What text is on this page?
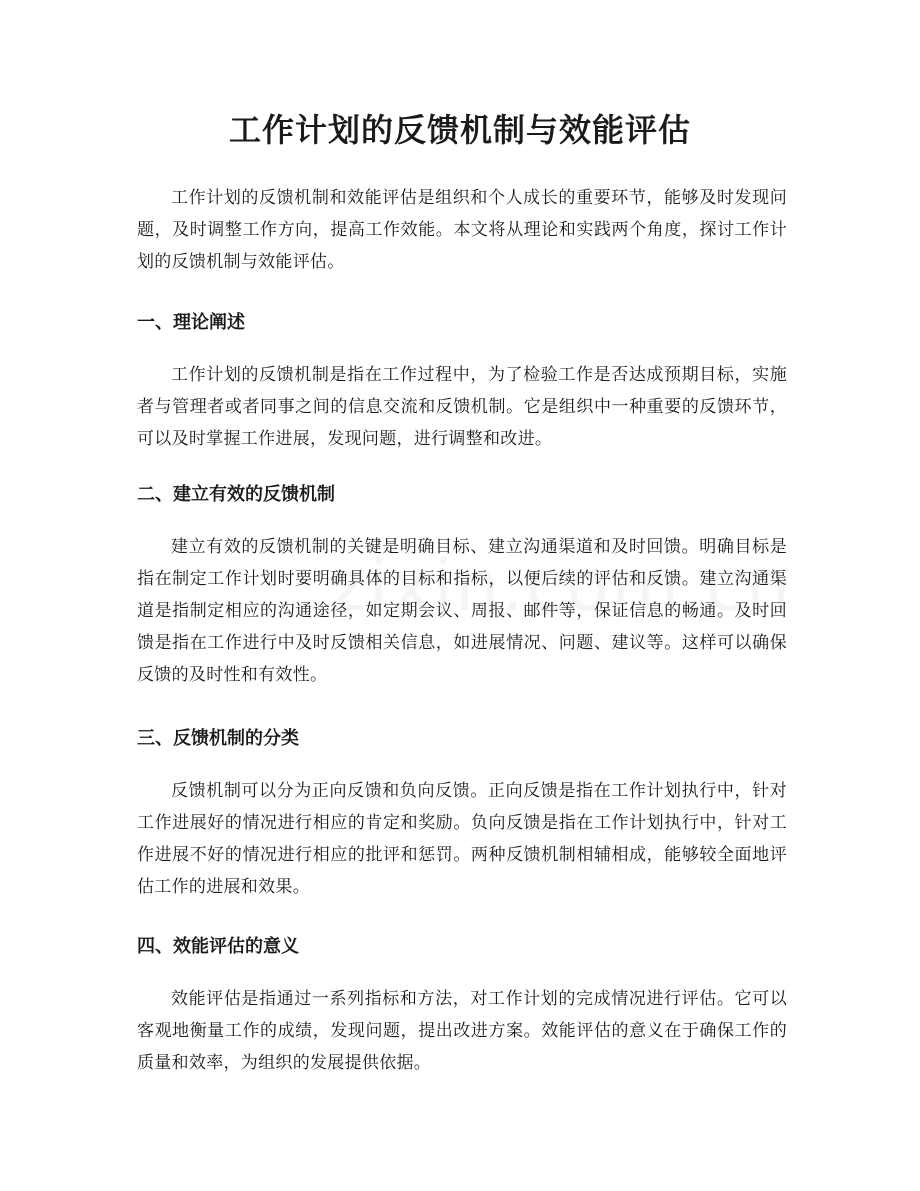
工作计划的反馈机制与效能评估

工作计划的反馈机制和效能评估是组织和个人成长的重要环节，能够及时发现问题，及时调整工作方向，提高工作效能。本文将从理论和实践两个角度，探讨工作计划的反馈机制与效能评估。

一、理论阐述

工作计划的反馈机制是指在工作过程中，为了检验工作是否达成预期目标，实施者与管理者或者同事之间的信息交流和反馈机制。它是组织中一种重要的反馈环节，可以及时掌握工作进展，发现问题，进行调整和改进。

二、建立有效的反馈机制

建立有效的反馈机制的关键是明确目标、建立沟通渠道和及时回馈。明确目标是指在制定工作计划时要明确具体的目标和指标，以便后续的评估和反馈。建立沟通渠道是指制定相应的沟通途径，如定期会议、周报、邮件等，保证信息的畅通。及时回馈是指在工作进行中及时反馈相关信息，如进展情况、问题、建议等。这样可以确保反馈的及时性和有效性。

三、反馈机制的分类

反馈机制可以分为正向反馈和负向反馈。正向反馈是指在工作计划执行中，针对工作进展好的情况进行相应的肯定和奖励。负向反馈是指在工作计划执行中，针对工作进展不好的情况进行相应的批评和惩罚。两种反馈机制相辅相成，能够较全面地评估工作的进展和效果。

四、效能评估的意义

效能评估是指通过一系列指标和方法，对工作计划的完成情况进行评估。它可以客观地衡量工作的成绩，发现问题，提出改进方案。效能评估的意义在于确保工作的质量和效率，为组织的发展提供依据。
